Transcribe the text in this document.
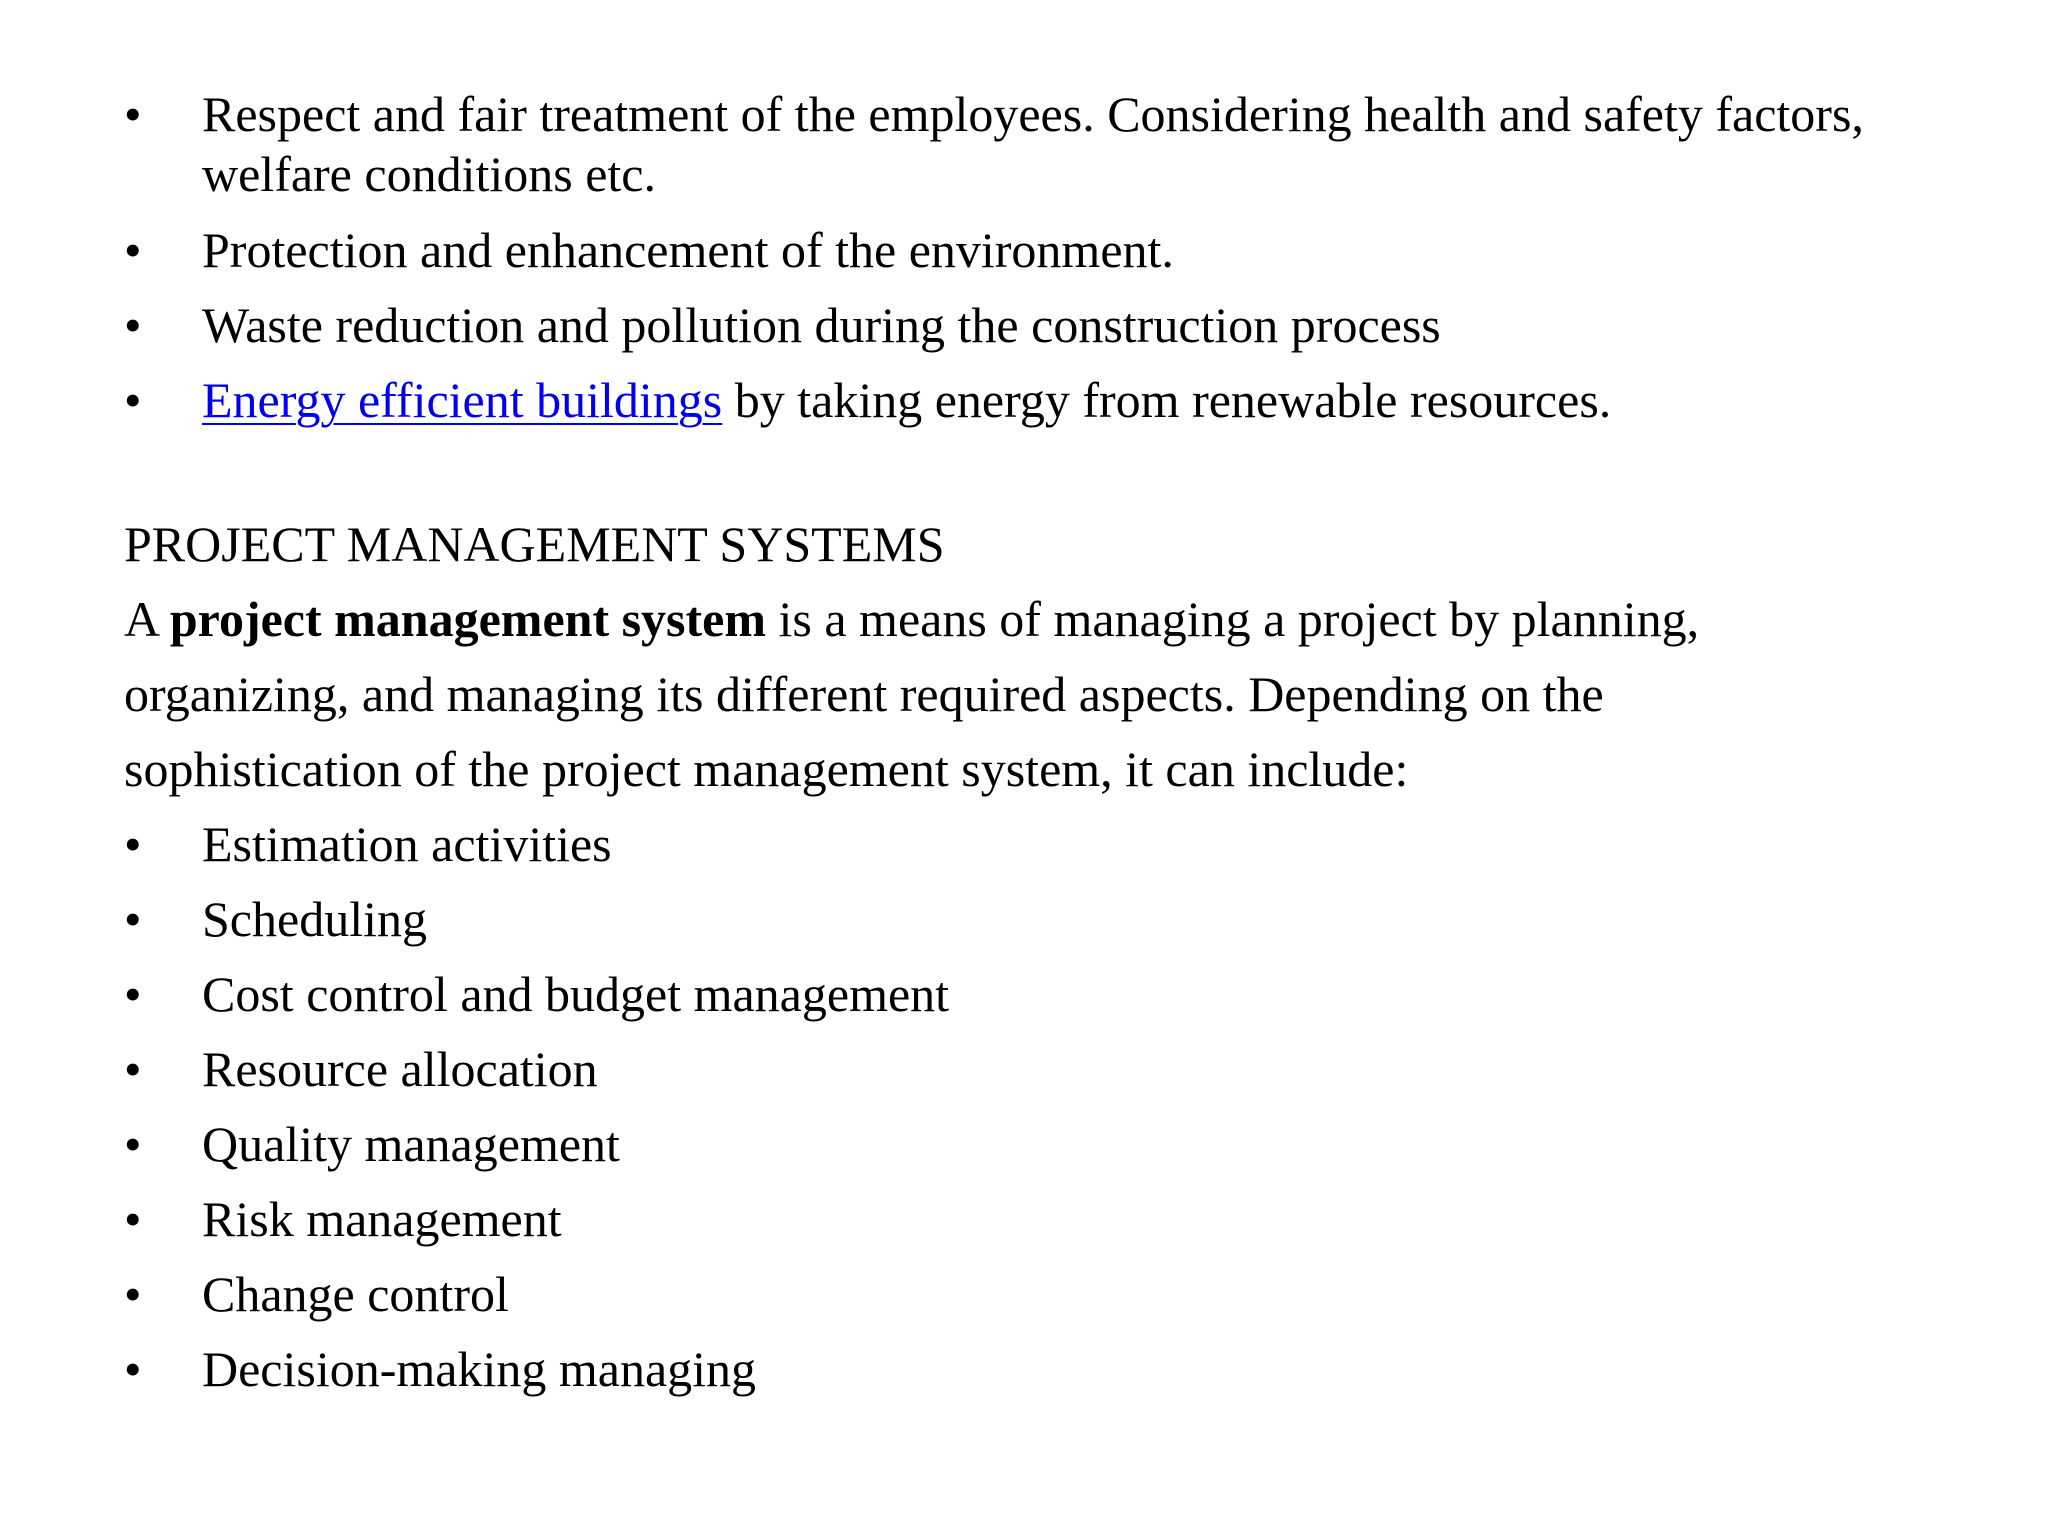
•	Respect and fair treatment of the employees. Considering health and safety factors,
welfare conditions etc.
•	Protection and enhancement of the environment.
•	Waste reduction and pollution during the construction process
•	Energy efficient buildings by taking energy from renewable resources.
PROJECT MANAGEMENT SYSTEMS
A project management system is a means of managing a project by planning,
organizing, and managing its different required aspects. Depending on the
sophistication of the project management system, it can include:
•	Estimation activities
•	Scheduling
•	Cost control and budget management
•	Resource allocation
•	Quality management
•	Risk management
•	Change control
•	Decision-making managing
